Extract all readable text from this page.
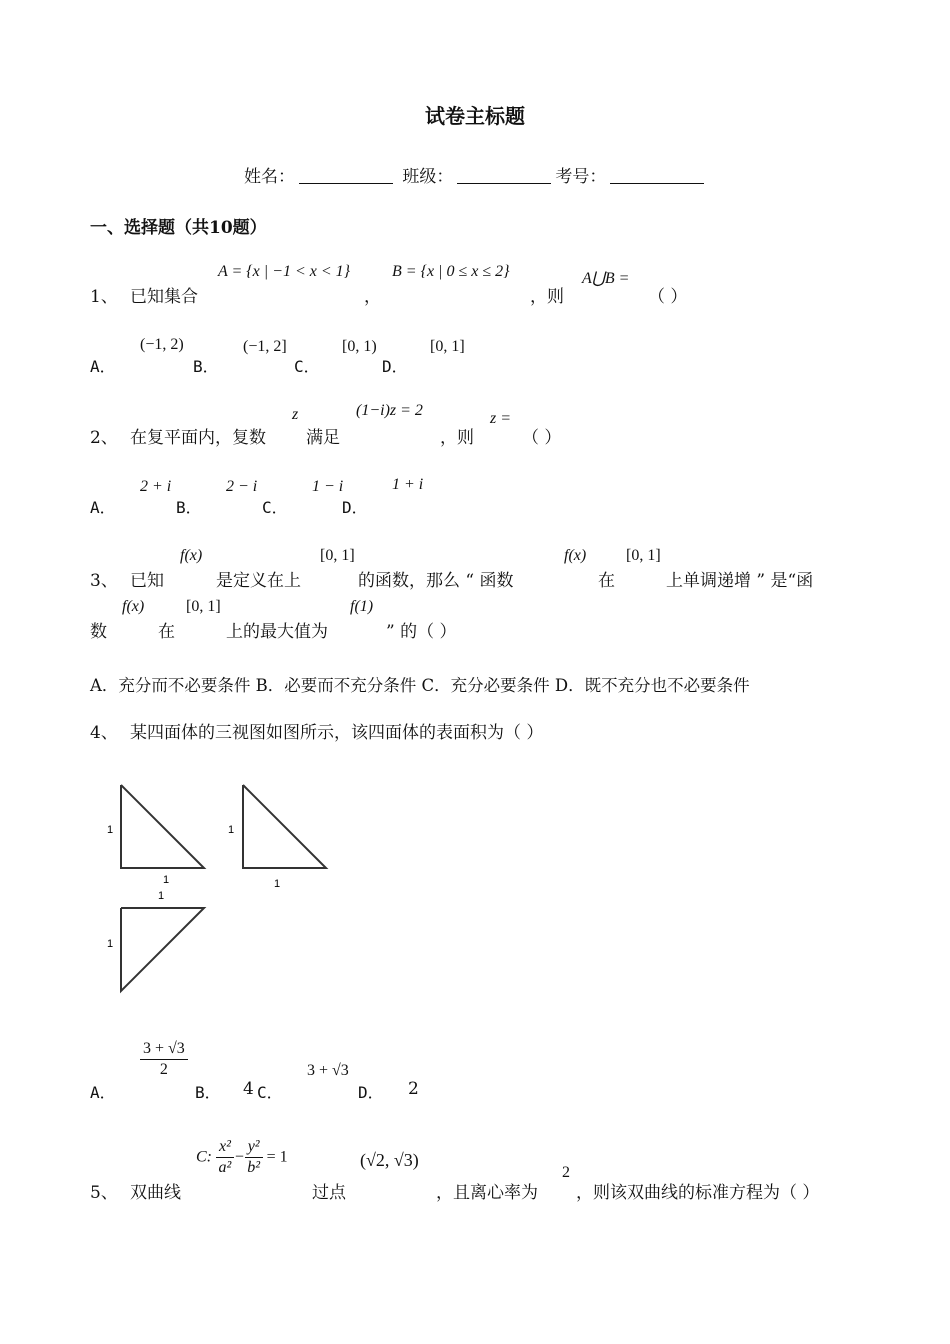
试卷主标题
姓名：	班级：	考号：
一、选择题（共10题）
1、 已知集合
A = {x | −1 < x < 1}
，
B = {x | 0 ≤ x ≤ 2}
，则
A⋃B =
（ ）
A．
(−1, 2)
B．
(−1, 2]
C．
[0, 1)
D．
[0, 1]
2、 在复平面内，复数
z
满足
(1−i)z = 2
，则
z =
（ ）
A．
2 + i
B．
2 − i
C．
1 − i
D．
1 + i
3、 已知
f(x)
是定义在上
[0, 1]
的函数，那么 “ 函数
f(x)
在
[0, 1]
上单调递增 ” 是“函
数
f(x)
在
[0, 1]
上的最大值为
f(1)
” 的（ ）
A．充分而不必要条件 B．必要而不充分条件 C．充分必要条件 D．既不充分也不必要条件
4、 某四面体的三视图如图所示，该四面体的表面积为（ ）
1
1
1
1
1
1
A．
$\frac{3 + √3}{2}$
B． 4 C．
3 + √3
D． 2
5、 双曲线
C: $\frac{\text{x²}}{\text{a²}} - \frac{\text{y²}}{\text{b²}} = 1$
过点
(√2, √3)
，且离心率为
2
，则该双曲线的标准方程为（ ）
